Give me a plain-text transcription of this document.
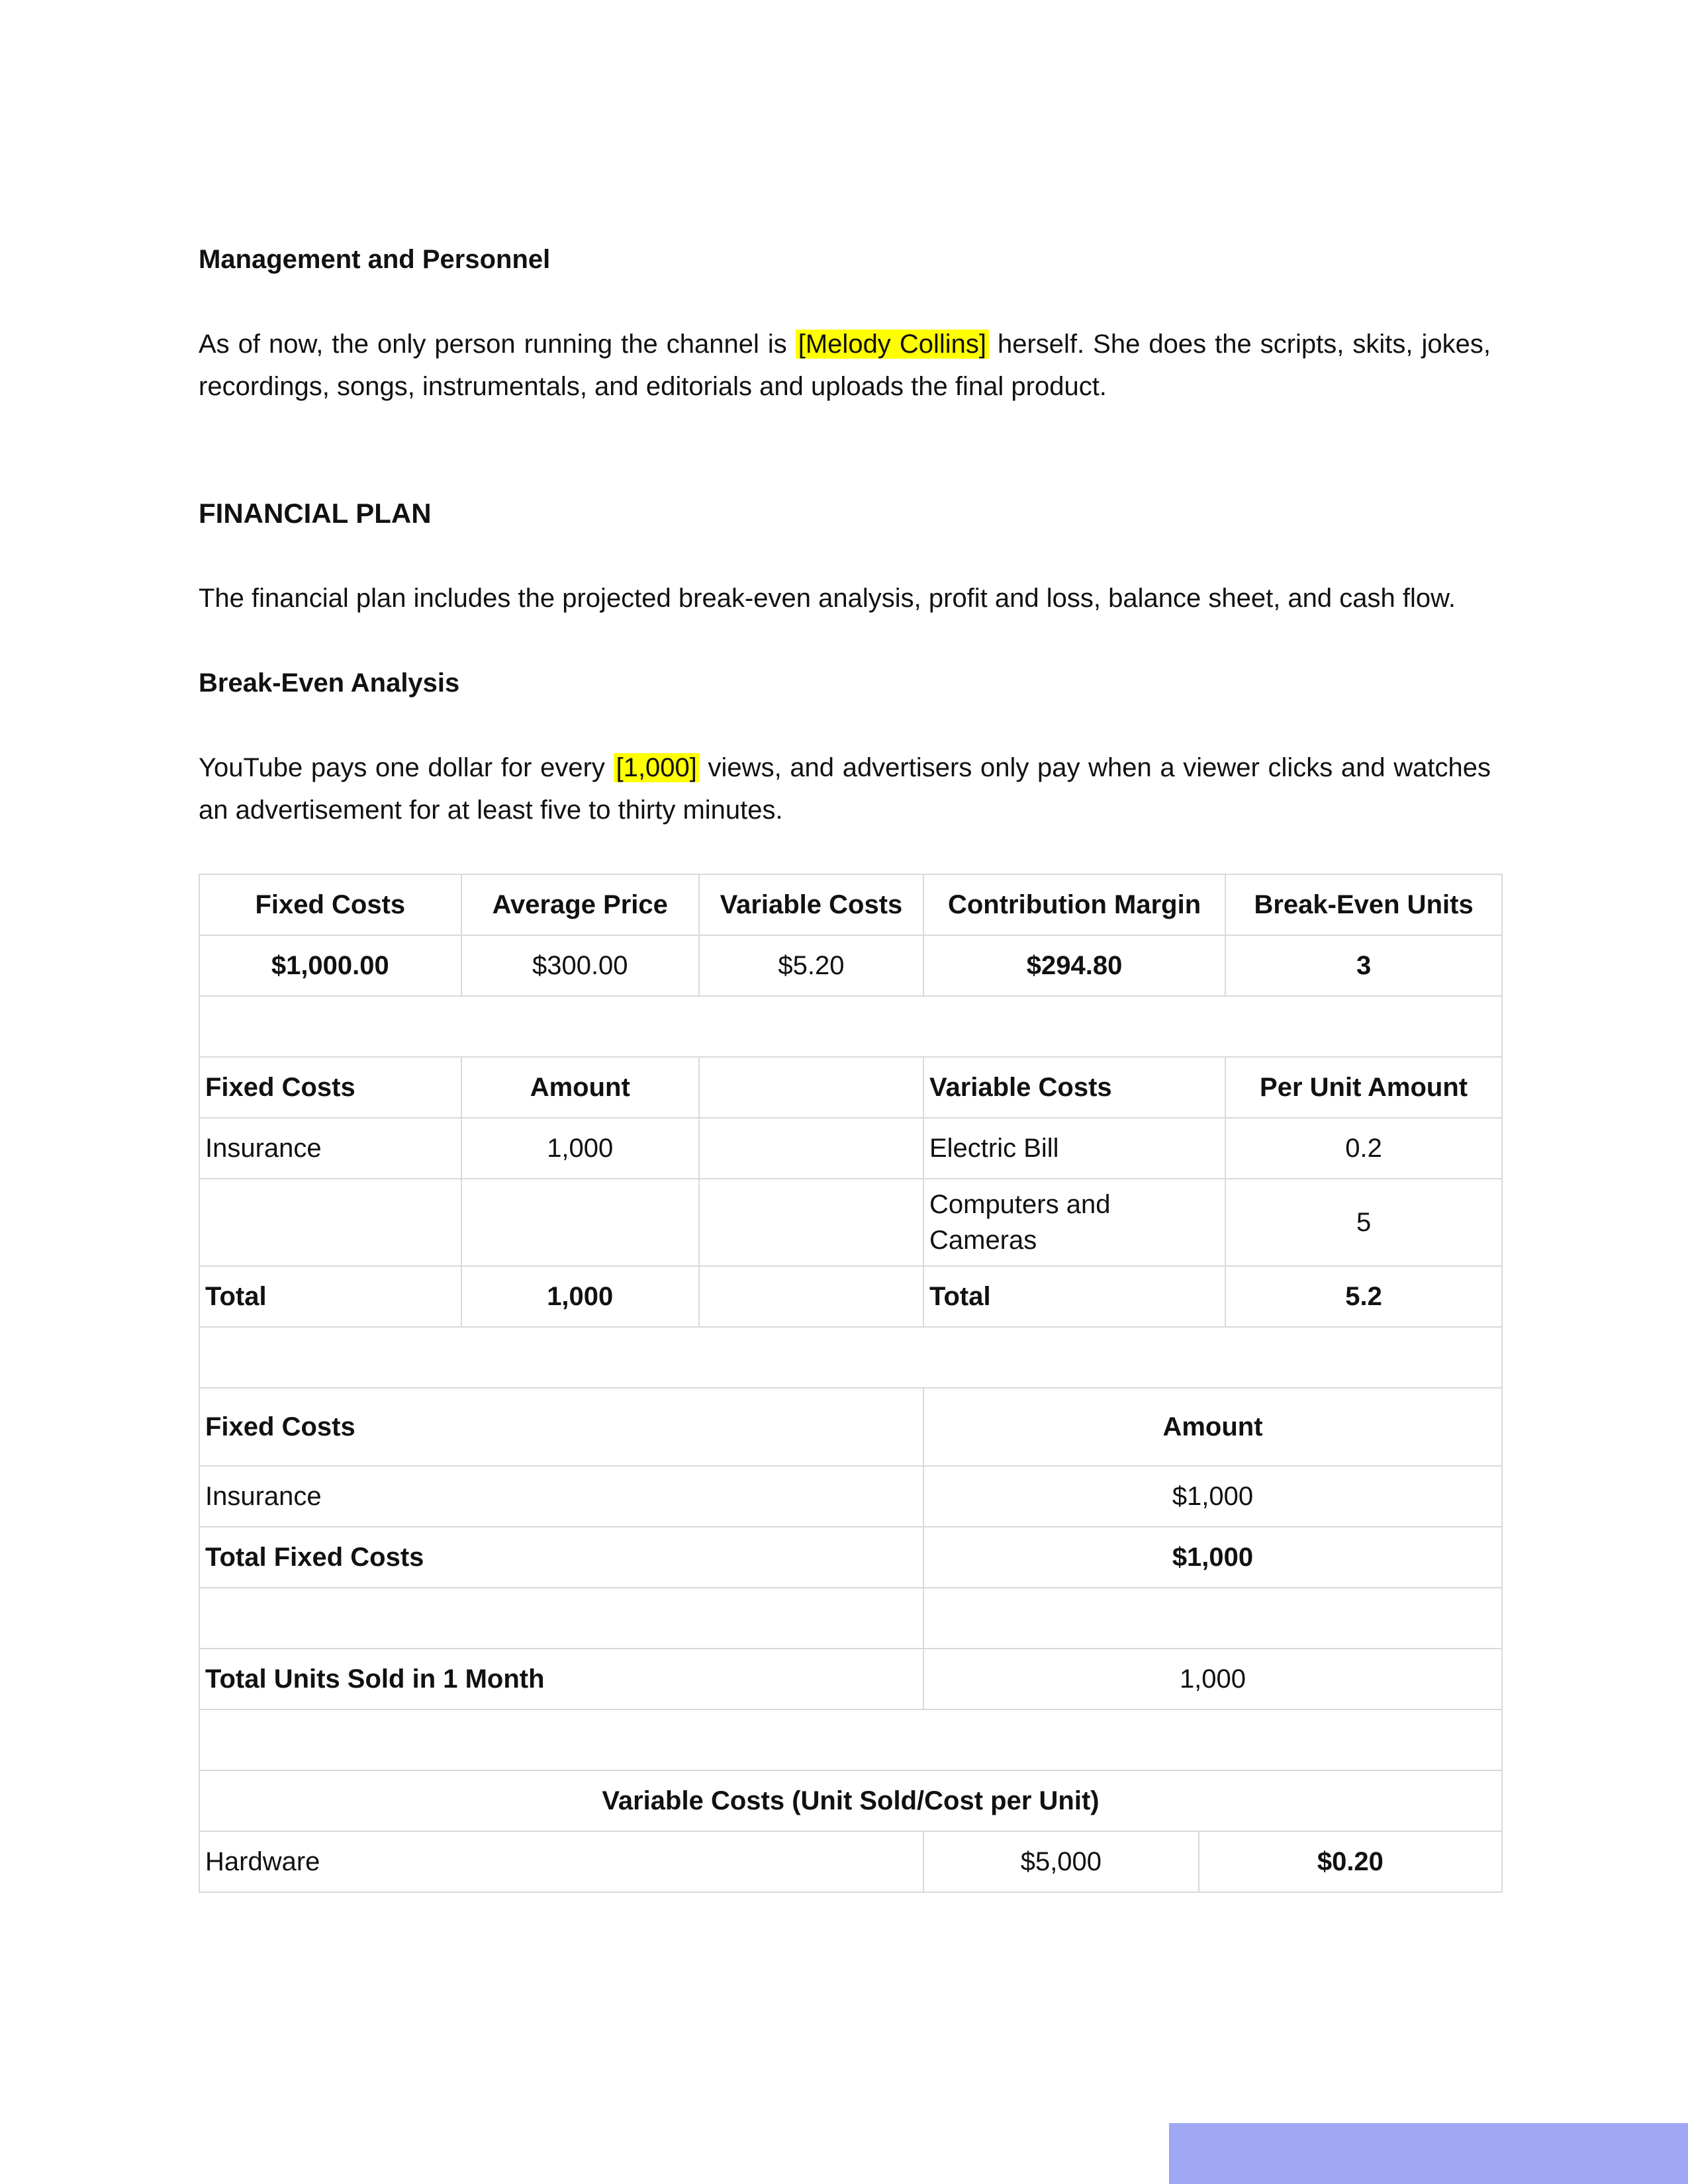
Management and Personnel

As of now, the only person running the channel is [Melody Collins] herself. She does the scripts, skits, jokes, recordings, songs, instrumentals, and editorials and uploads the final product.

FINANCIAL PLAN

The financial plan includes the projected break-even analysis, profit and loss, balance sheet, and cash flow.

Break-Even Analysis

YouTube pays one dollar for every [1,000] views, and advertisers only pay when a viewer clicks and watches an advertisement for at least five to thirty minutes.

Fixed Costs	Average Price	Variable Costs	Contribution Margin		Break-Even Units
$1,000.00	$300.00	$5.20	$294.80		3

Fixed Costs	Amount		Variable Costs		Per Unit Amount
Insurance	1,000		Electric Bill		0.2
			Computers and Cameras		5
Total	1,000		Total		5.2

Fixed Costs			Amount		
Insurance			$1,000		
Total Fixed Costs			$1,000		

Total Units Sold in 1 Month			1,000		

Variable Costs (Unit Sold/Cost per Unit)					
Hardware			$5,000	$0.20	
